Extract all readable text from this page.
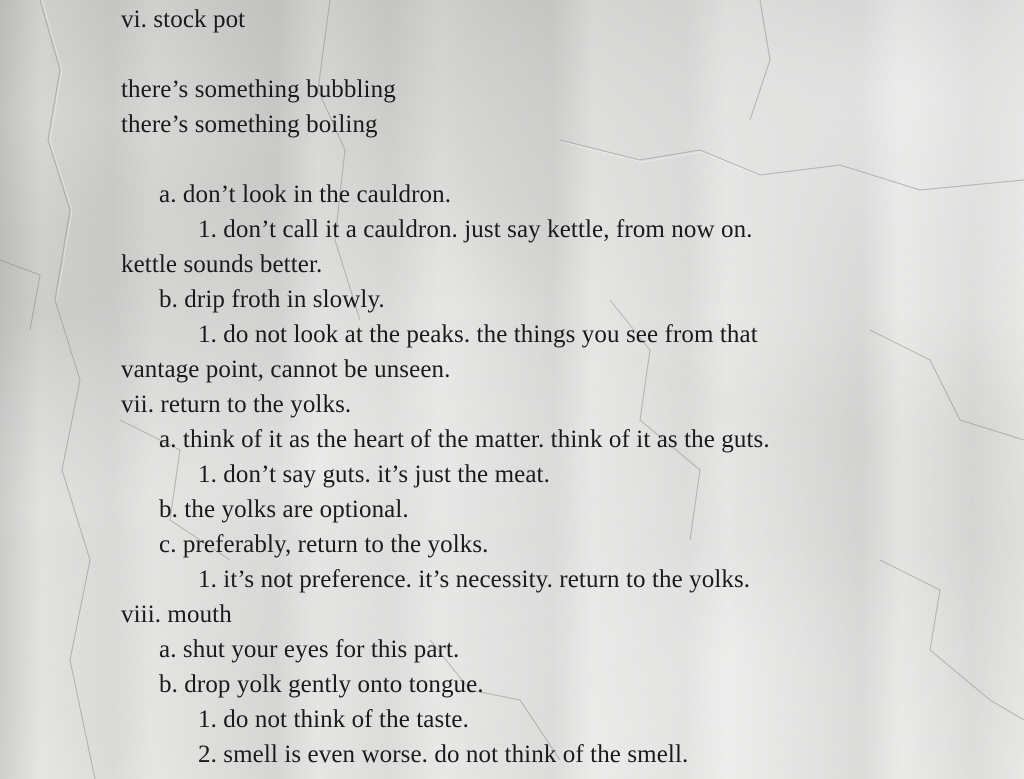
vi. stock pot
there’s something bubbling
there’s something boiling
a. don’t look in the cauldron.
1. don’t call it a cauldron. just say kettle, from now on.
kettle sounds better.
b. drip froth in slowly.
1. do not look at the peaks. the things you see from that
vantage point, cannot be unseen.
vii. return to the yolks.
a. think of it as the heart of the matter. think of it as the guts.
1. don’t say guts. it’s just the meat.
b. the yolks are optional.
c. preferably, return to the yolks.
1. it’s not preference. it’s necessity. return to the yolks.
viii. mouth
a. shut your eyes for this part.
b. drop yolk gently onto tongue.
1. do not think of the taste.
2. smell is even worse. do not think of the smell.
